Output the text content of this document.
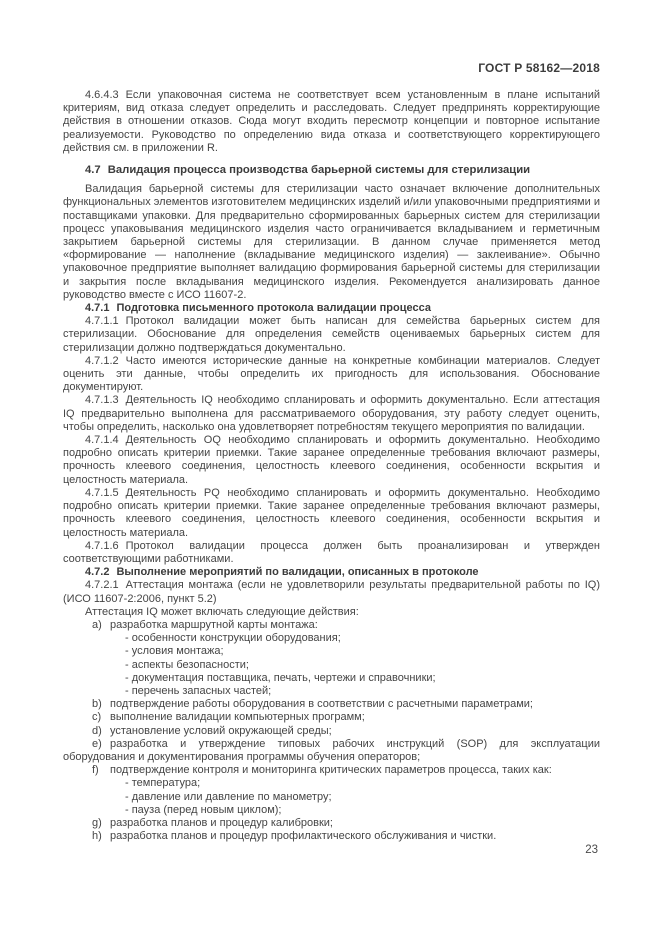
ГОСТ Р 58162—2018

4.6.4.3 Если упаковочная система не соответствует всем установленным в плане испытаний критериям, вид отказа следует определить и расследовать. Следует предпринять корректирующие действия в отношении отказов. Сюда могут входить пересмотр концепции и повторное испытание реализуемости. Руководство по определению вида отказа и соответствующего корректирующего действия см. в приложении R.

4.7 Валидация процесса производства барьерной системы для стерилизации

Валидация барьерной системы для стерилизации часто означает включение дополнительных функциональных элементов изготовителем медицинских изделий и/или упаковочными предприятиями и поставщиками упаковки. Для предварительно сформированных барьерных систем для стерилизации процесс упаковывания медицинского изделия часто ограничивается вкладыванием и герметичным закрытием барьерной системы для стерилизации. В данном случае применяется метод «формирование — наполнение (вкладывание медицинского изделия) — заклеивание». Обычно упаковочное предприятие выполняет валидацию формирования барьерной системы для стерилизации и закрытия после вкладывания медицинского изделия. Рекомендуется анализировать данное руководство вместе с ИСО 11607-2.

4.7.1 Подготовка письменного протокола валидации процесса

4.7.1.1 Протокол валидации может быть написан для семейства барьерных систем для стерилизации. Обоснование для определения семейств оцениваемых барьерных систем для стерилизации должно подтверждаться документально.

4.7.1.2 Часто имеются исторические данные на конкретные комбинации материалов. Следует оценить эти данные, чтобы определить их пригодность для использования. Обоснование документируют.

4.7.1.3 Деятельность IQ необходимо спланировать и оформить документально. Если аттестация IQ предварительно выполнена для рассматриваемого оборудования, эту работу следует оценить, чтобы определить, насколько она удовлетворяет потребностям текущего мероприятия по валидации.

4.7.1.4 Деятельность OQ необходимо спланировать и оформить документально. Необходимо подробно описать критерии приемки. Такие заранее определенные требования включают размеры, прочность клеевого соединения, целостность клеевого соединения, особенности вскрытия и целостность материала.

4.7.1.5 Деятельность PQ необходимо спланировать и оформить документально. Необходимо подробно описать критерии приемки. Такие заранее определенные требования включают размеры, прочность клеевого соединения, целостность клеевого соединения, особенности вскрытия и целостность материала.

4.7.1.6 Протокол валидации процесса должен быть проанализирован и утвержден соответствующими работниками.

4.7.2 Выполнение мероприятий по валидации, описанных в протоколе

4.7.2.1 Аттестация монтажа (если не удовлетворили результаты предварительной работы по IQ) (ИСО 11607-2:2006, пункт 5.2)

Аттестация IQ может включать следующие действия:

a) разработка маршрутной карты монтажа:

- особенности конструкции оборудования;
- условия монтажа;
- аспекты безопасности;
- документация поставщика, печать, чертежи и справочники;
- перечень запасных частей;

b) подтверждение работы оборудования в соответствии с расчетными параметрами;

c) выполнение валидации компьютерных программ;

d) установление условий окружающей среды;

e) разработка и утверждение типовых рабочих инструкций (SOP) для эксплуатации оборудования и документирования программы обучения операторов;

f) подтверждение контроля и мониторинга критических параметров процесса, таких как:

- температура;
- давление или давление по манометру;
- пауза (перед новым циклом);

g) разработка планов и процедур калибровки;

h) разработка планов и процедур профилактического обслуживания и чистки.

23
